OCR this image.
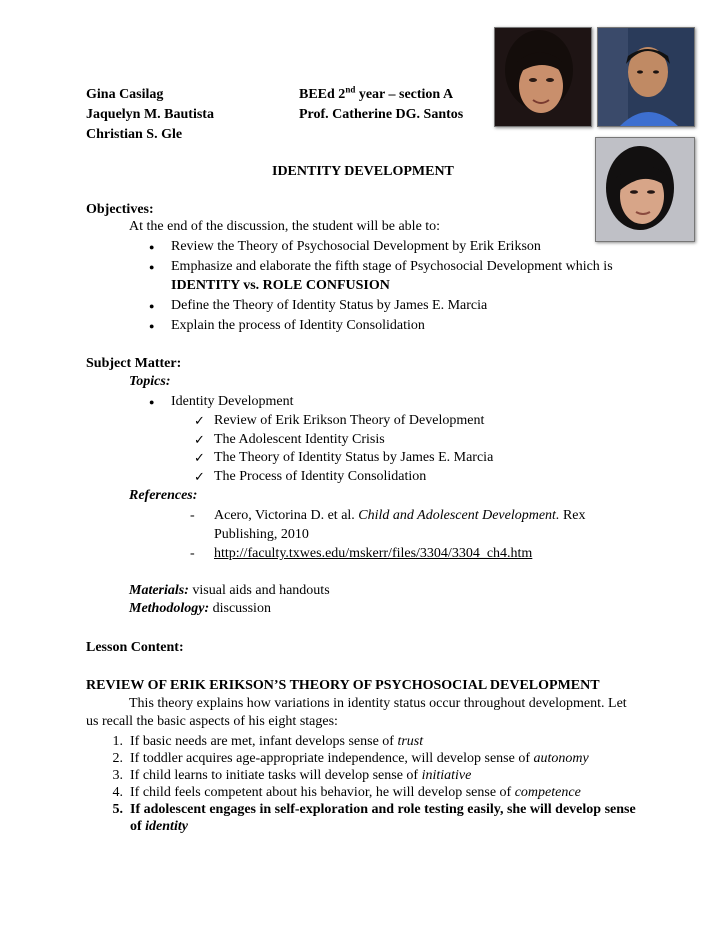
Gina Casilag
Jaquelyn M. Bautista
Christian S. Gle
BEEd 2nd year – section A
Prof. Catherine DG. Santos
IDENTITY DEVELOPMENT
Objectives:
At the end of the discussion, the student will be able to:
● Review the Theory of Psychosocial Development by Erik Erikson
● Emphasize and elaborate the fifth stage of Psychosocial Development which is
IDENTITY vs. ROLE CONFUSION
● Define the Theory of Identity Status by James E. Marcia
● Explain the process of Identity Consolidation
Subject Matter:
Topics:
● Identity Development
✓ Review of Erik Erikson Theory of Development
✓ The Adolescent Identity Crisis
✓ The Theory of Identity Status by James E. Marcia
✓ The Process of Identity Consolidation
References:
- Acero, Victorina D. et al. Child and Adolescent Development. Rex
Publishing, 2010
- http://faculty.txwes.edu/mskerr/files/3304/3304_ch4.htm
Materials: visual aids and handouts
Methodology: discussion
Lesson Content:
REVIEW OF ERIK ERIKSON’S THEORY OF PSYCHOSOCIAL DEVELOPMENT
This theory explains how variations in identity status occur throughout development. Let
us recall the basic aspects of his eight stages:
1. If basic needs are met, infant develops sense of trust
2. If toddler acquires age-appropriate independence, will develop sense of autonomy
3. If child learns to initiate tasks will develop sense of initiative
4. If child feels competent about his behavior, he will develop sense of competence
5. If adolescent engages in self-exploration and role testing easily, she will develop sense
of identity
